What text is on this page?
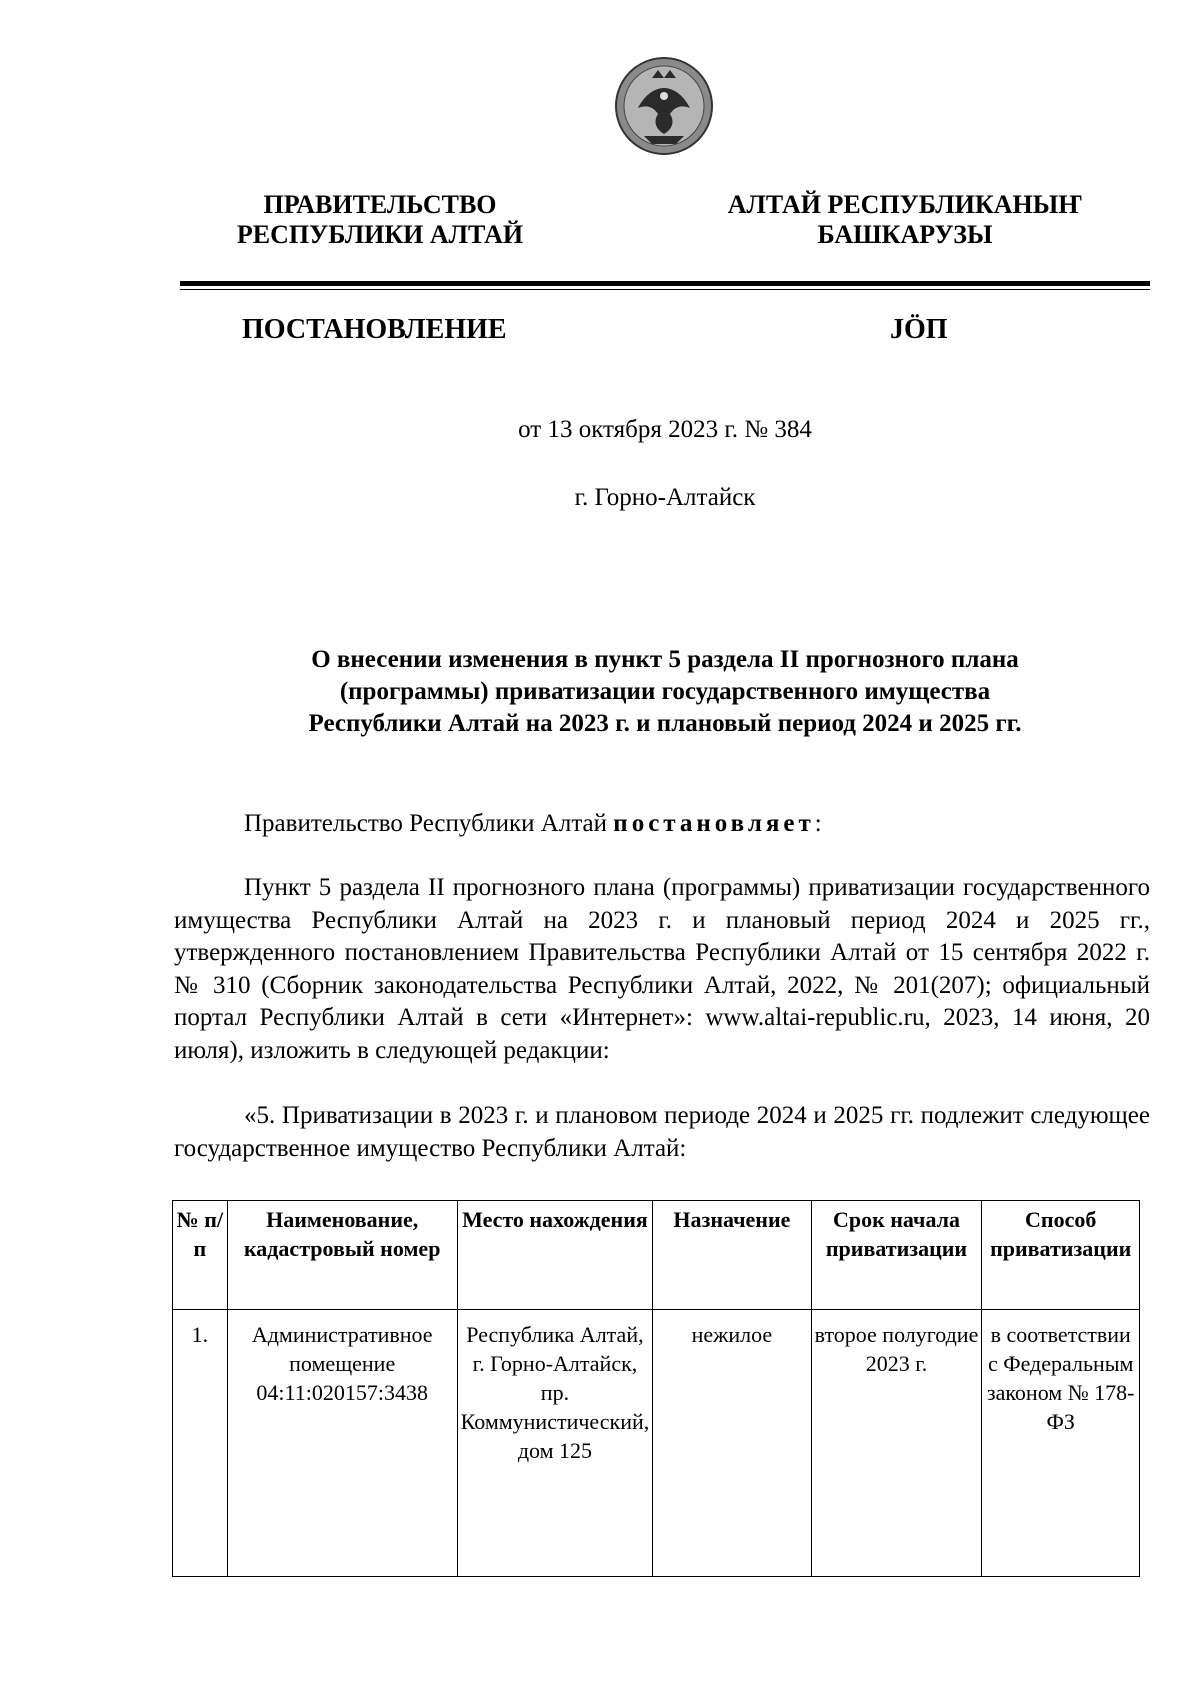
ПРАВИТЕЛЬСТВО
РЕСПУБЛИКИ АЛТАЙ
АЛТАЙ РЕСПУБЛИКАНЫҤ
БАШКАРУЗЫ
ПОСТАНОВЛЕНИЕ	JӦП
от 13 октября 2023 г. № 384
г. Горно-Алтайск
О внесении изменения в пункт 5 раздела II прогнозного плана
(программы) приватизации государственного имущества
Республики Алтай на 2023 г. и плановый период 2024 и 2025 гг.
Правительство Республики Алтай постановляет:
Пункт 5 раздела II прогнозного плана (программы) приватизации государственного имущества Республики Алтай на 2023 г. и плановый период 2024 и 2025 гг., утвержденного постановлением Правительства Республики Алтай от 15 сентября 2022 г. № 310 (Сборник законодательства Республики Алтай, 2022, № 201(207); официальный портал Республики Алтай в сети «Интернет»: www.altai-republic.ru, 2023, 14 июня, 20 июля), изложить в следующей редакции:
«5. Приватизации в 2023 г. и плановом периоде 2024 и 2025 гг. подлежит следующее государственное имущество Республики Алтай:
№ п/п	Наименование, кадастровый номер	Место нахождения	Назначение	Срок начала приватизации	Способ приватизации
1.	Административное помещение 04:11:020157:3438	Республика Алтай, г. Горно-Алтайск, пр. Коммунистический, дом 125	нежилое	второе полугодие 2023 г.	в соответствии с Федеральным законом № 178-ФЗ
